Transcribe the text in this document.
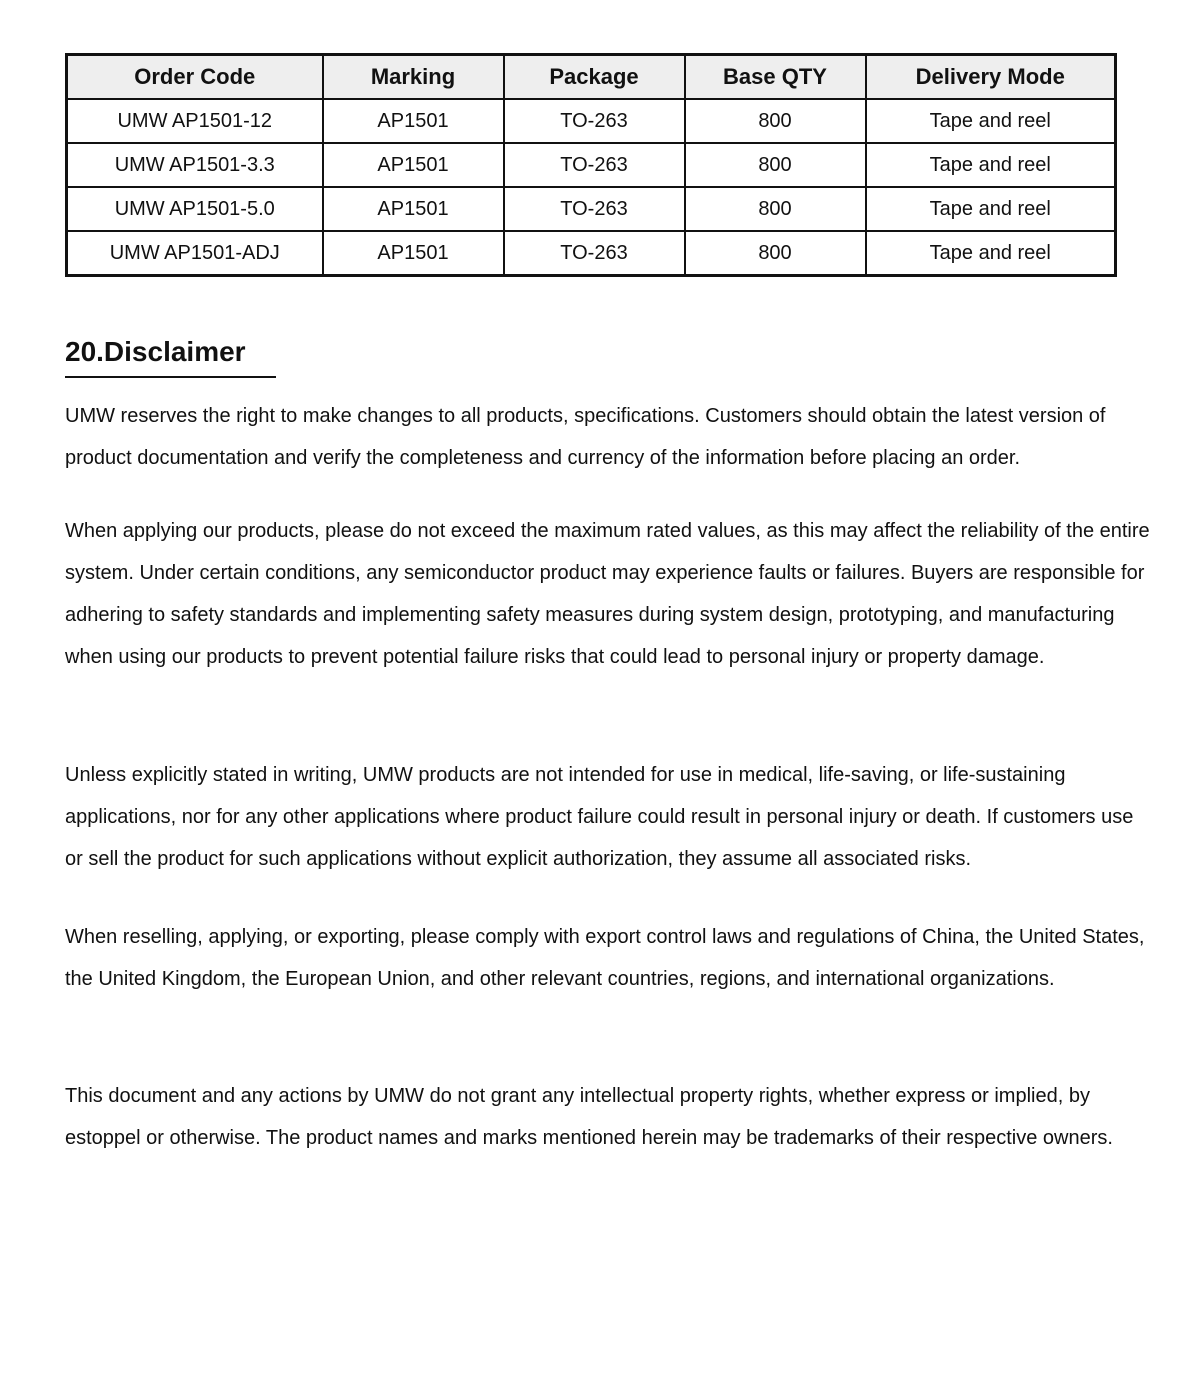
Order Code	Marking	Package	Base QTY	Delivery Mode
UMW AP1501-12	AP1501	TO-263	800	Tape and reel
UMW AP1501-3.3	AP1501	TO-263	800	Tape and reel
UMW AP1501-5.0	AP1501	TO-263	800	Tape and reel
UMW AP1501-ADJ	AP1501	TO-263	800	Tape and reel
20.Disclaimer

UMW reserves the right to make changes to all products, specifications. Customers should obtain the latest version of product documentation and verify the completeness and currency of the information before placing an order.

When applying our products, please do not exceed the maximum rated values, as this may affect the reliability of the entire system. Under certain conditions, any semiconductor product may experience faults or failures. Buyers are responsible for adhering to safety standards and implementing safety measures during system design, prototyping, and manufacturing when using our products to prevent potential failure risks that could lead to personal injury or property damage.

Unless explicitly stated in writing, UMW products are not intended for use in medical, life-saving, or life-sustaining applications, nor for any other applications where product failure could result in personal injury or death. If customers use or sell the product for such applications without explicit authorization, they assume all associated risks.

When reselling, applying, or exporting, please comply with export control laws and regulations of China, the United States, the United Kingdom, the European Union, and other relevant countries, regions, and international organizations.

This document and any actions by UMW do not grant any intellectual property rights, whether express or implied, by estoppel or otherwise. The product names and marks mentioned herein may be trademarks of their respective owners.
